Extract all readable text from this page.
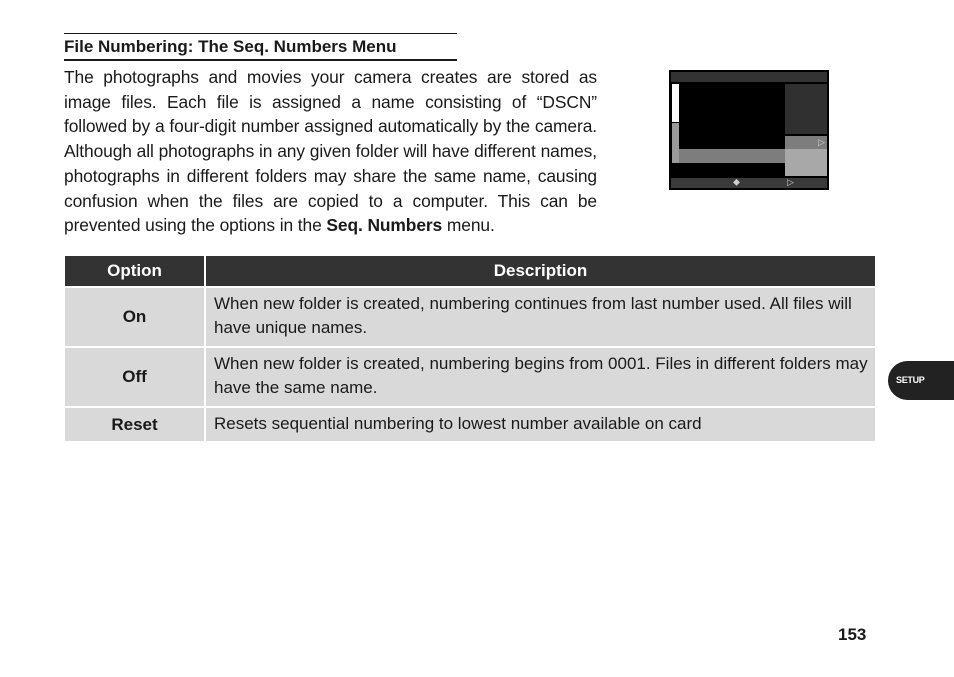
File Numbering: The Seq. Numbers Menu

The photographs and movies your camera creates are stored as image files. Each file is assigned a name consisting of “DSCN” followed by a four-digit number assigned automatically by the camera. Although all photographs in any given folder will have different names, photographs in different folders may share the same name, causing confusion when the files are copied to a computer. This can be prevented using the options in the Seq. Numbers menu.

▷
⬥	▷
Option	Description
On	When new folder is created, numbering continues from last number used. All files will have unique names.
Off	When new folder is created, numbering begins from 0001. Files in different folders may have the same name.
Reset	Resets sequential numbering to lowest number available on card
SETUP
153
